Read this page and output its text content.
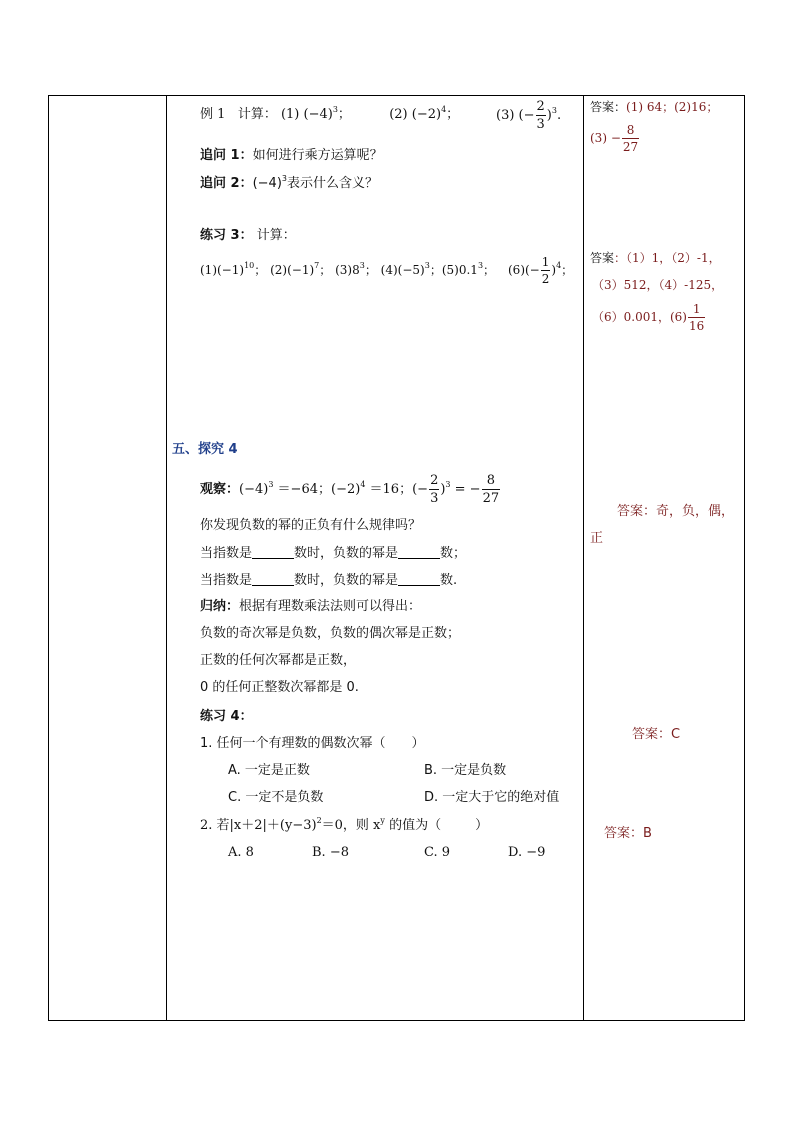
例 1 计算： (1) $(-4)^3$；	(2) $(-2)^4$；	(3) (− $\frac{2}{3} )^3$.
追问 1：如何进行乘方运算呢？
追问 2：$(-4)^3$表示什么含义？
练习 3： 计算：
$(1)(-1)^{10}$； $(2)(-1)^7$； $(3)8^3$； $(4)(-5)^3$；$(5)0.1^3$； $(6)(- \frac{1}{2} )^4$；
五、探究 4
观察：$(-4)^3 =-64$；$(-2)^4 =16$；(− $\frac{2}{3} )^3$ = − $\frac{8}{27}$
你发现负数的幂的正负有什么规律吗？
当指数是	数时，负数的幂是	数；
当指数是	数时，负数的幂是	数.
归纳：根据有理数乘法法则可以得出：
负数的奇次幂是负数，负数的偶次幂是正数；
正数的任何次幂都是正数，
0 的任何正整数次幂都是 0.
练习 4：
1. 任何一个有理数的偶数次幂（ ）
A. 一定是正数	B. 一定是负数
C. 一定不是负数	D. 一定大于它的绝对值
2. 若$|x+2|+(y-3)^2=0$，则 $x^y$ 的值为（	）
A. 8	B. −8	C. 9	D. −9
答案：(1) 64；(2)16；
$(3) - \frac{8}{27}$
答案：（1）1，（2）-1，
（3）512，（4）-125，
（6）0.001，$(6) \frac{1}{16}$
答案：奇，负，偶，
正
答案：C
答案：B
